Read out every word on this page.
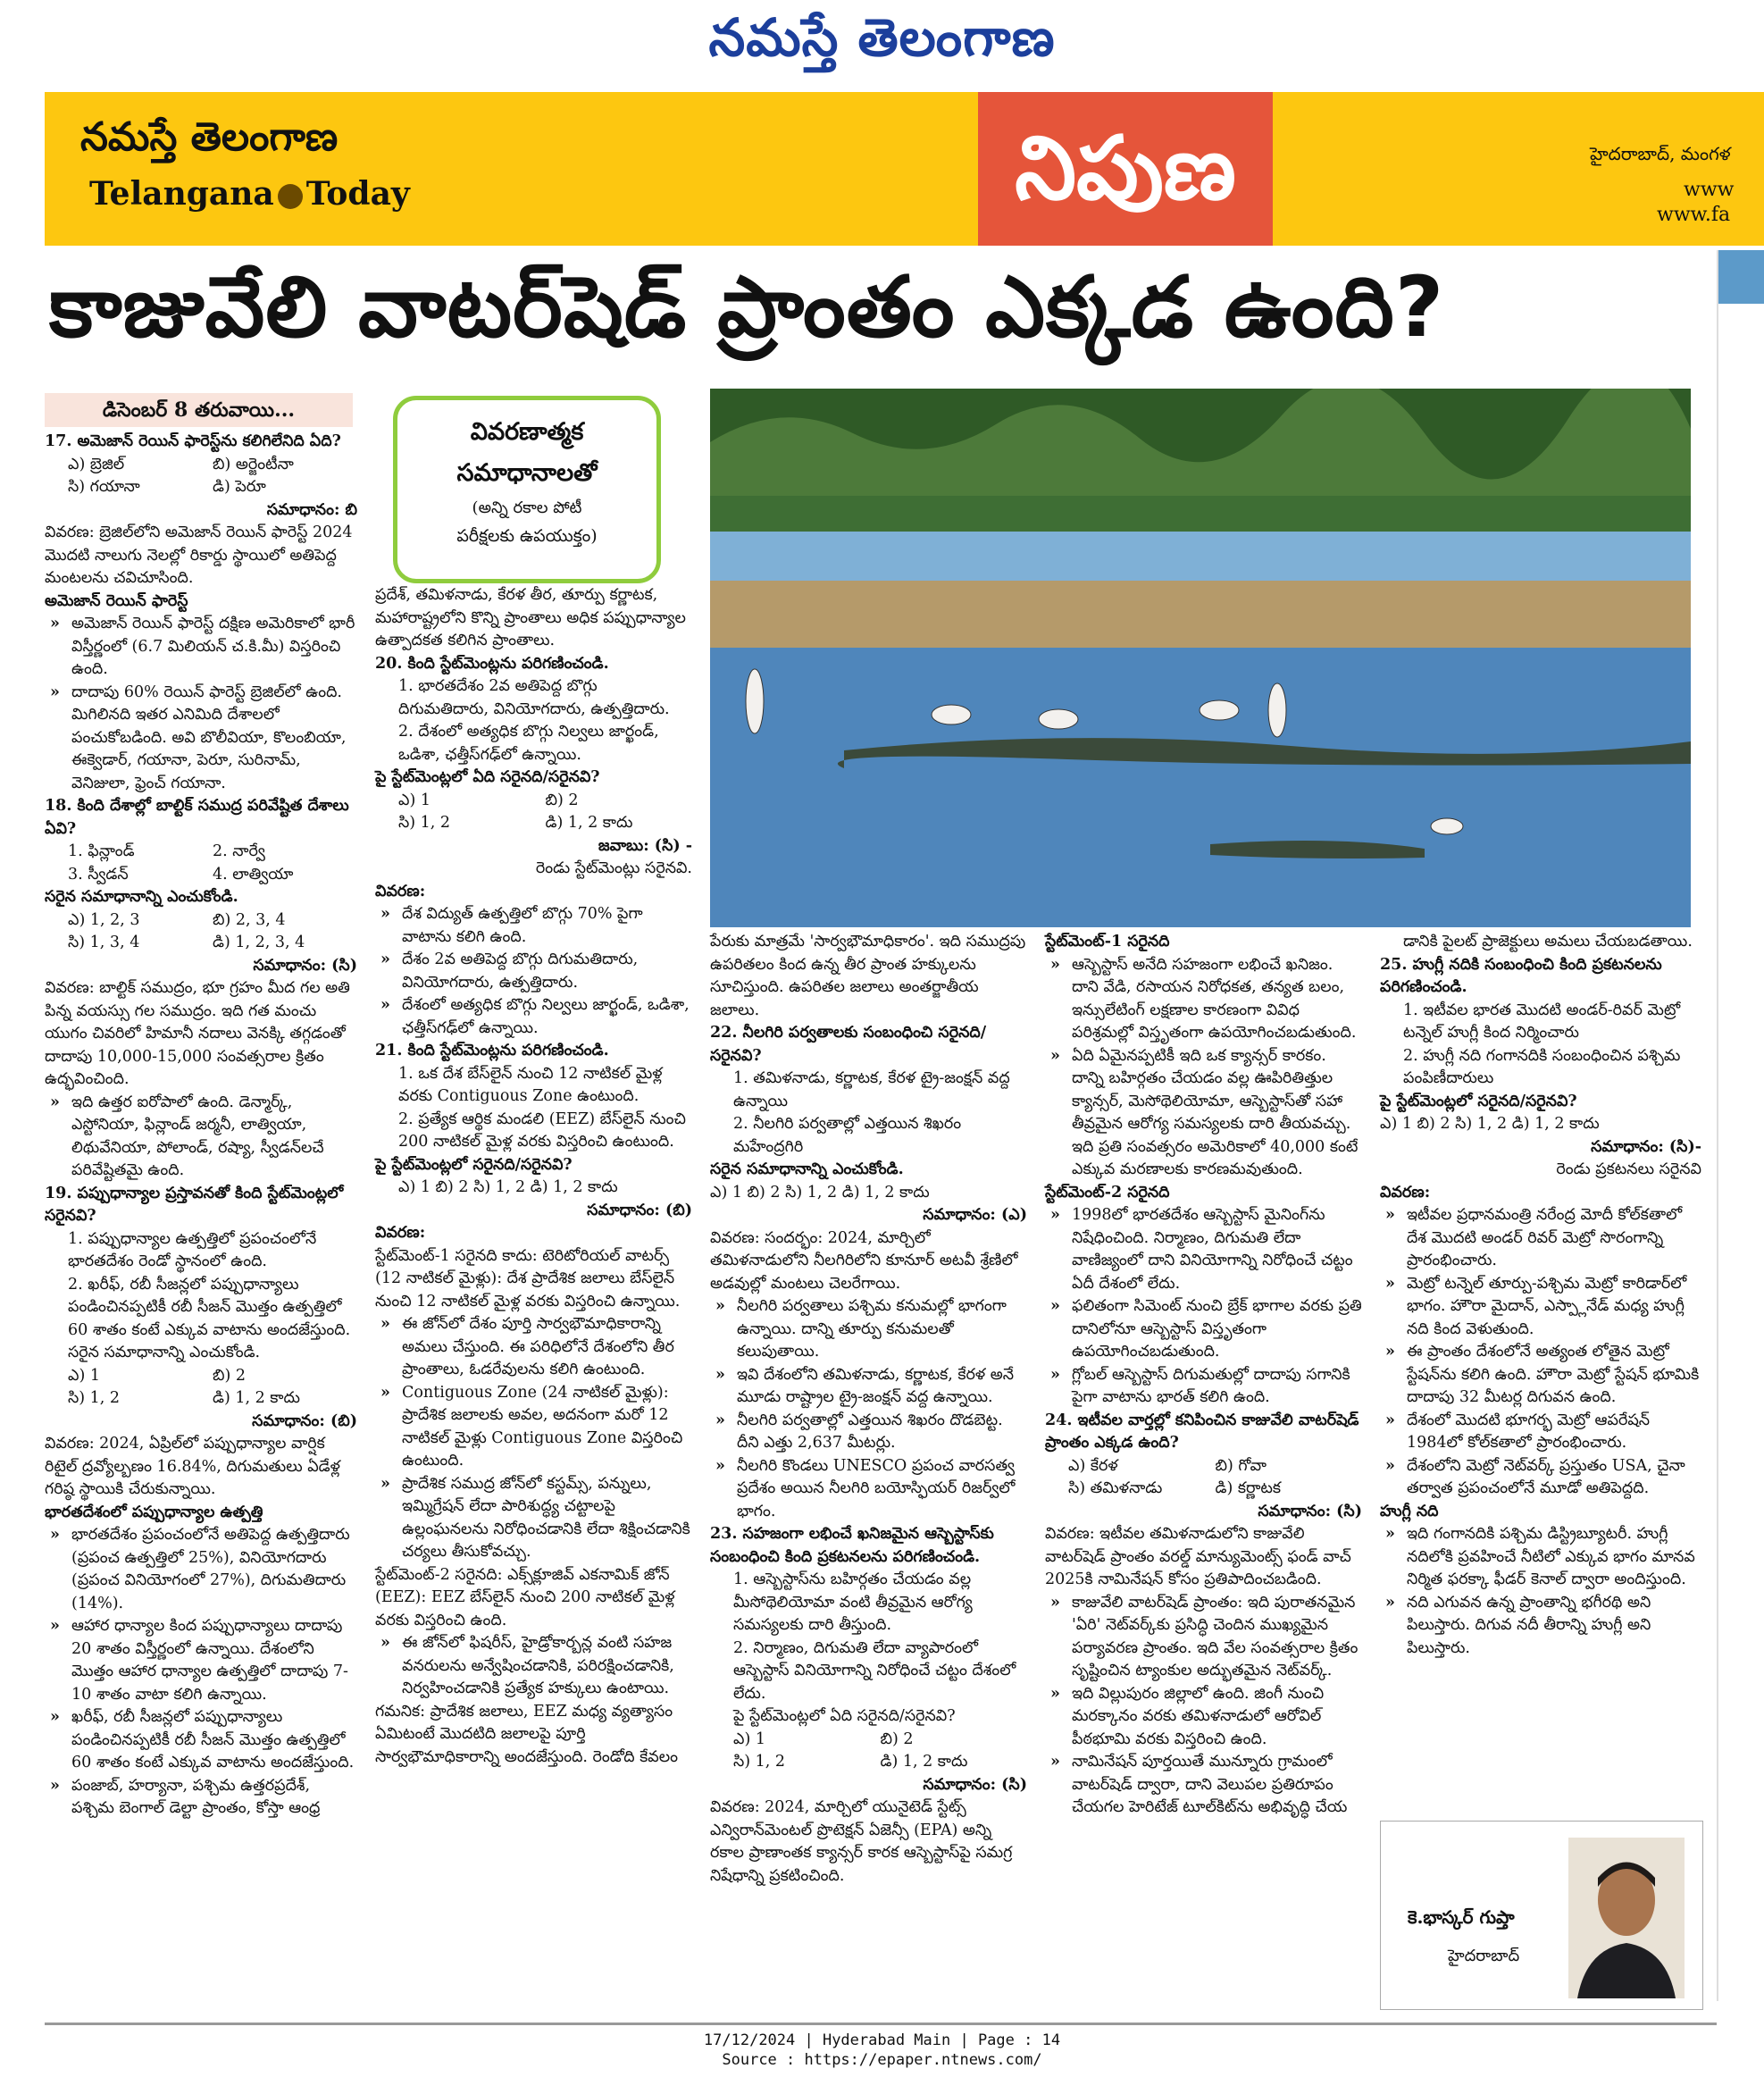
నమస్తే తెలంగాణ
నమస్తే తెలంగాణ
Telangana Today	నిపుణ	హైదరాబాద్, మంగళ
www
www.fa
కాజువేలి వాటర్‌షెడ్ ప్రాంతం ఎక్కడ ఉంది?
డిసెంబర్ 8 తరువాయి...
వివరణాత్మక
సమాధానాలతో
(అన్ని రకాల పోటీ
పరీక్షలకు ఉపయుక్తం)

17. అమెజాన్ రెయిన్ ఫారెస్ట్‌ను కలిగిలేనిది ఏది?

ఎ) బ్రెజిల్	బి) అర్జెంటీనా
సి) గయానా	డి) పెరూ

సమాధానం: బి

వివరణ: బ్రెజిల్‌లోని అమెజాన్ రెయిన్ ఫారెస్ట్ 2024 మొదటి నాలుగు నెలల్లో రికార్డు స్థాయిలో అతిపెద్ద మంటలను చవిచూసింది.

అమెజాన్ రెయిన్ ఫారెస్ట్

» అమెజాన్ రెయిన్ ఫారెస్ట్ దక్షిణ అమెరికాలో భారీ విస్తీర్ణంలో (6.7 మిలియన్ చ.కి.మీ) విస్తరించి ఉంది.

» దాదాపు 60% రెయిన్ ఫారెస్ట్ బ్రెజిల్‌లో ఉంది. మిగిలినది ఇతర ఎనిమిది దేశాలలో పంచుకోబడింది. అవి బొలీవియా, కొలంబియా, ఈక్వెడార్, గయానా, పెరూ, సురినామ్, వెనిజులా, ఫ్రెంచ్ గయానా.

18. కింది దేశాల్లో బాల్టిక్ సముద్ర పరివేష్టిత దేశాలు ఏవి?

1. ఫిన్లాండ్	2. నార్వే
3. స్వీడన్	4. లాత్వియా

సరైన సమాధానాన్ని ఎంచుకోండి.

ఎ) 1, 2, 3	బి) 2, 3, 4
సి) 1, 3, 4	డి) 1, 2, 3, 4

సమాధానం: (సి)

వివరణ: బాల్టిక్ సముద్రం, భూ గ్రహం మీద గల అతి పిన్న వయస్సు గల సముద్రం. ఇది గత మంచు యుగం చివరిలో హిమానీ నదాలు వెనక్కి తగ్గడంతో దాదాపు 10,000-15,000 సంవత్సరాల క్రితం ఉద్భవించింది.

» ఇది ఉత్తర ఐరోపాలో ఉంది. డెన్మార్క్, ఎస్టోనియా, ఫిన్లాండ్ జర్మనీ, లాత్వియా, లిథువేనియా, పోలాండ్, రష్యా, స్వీడన్‌లచే పరివేష్టితమై ఉంది.

19. పప్పుధాన్యాల ప్రస్తావనతో కింది స్టేట్‌మెంట్లలో సరైనవి?

1. పప్పుధాన్యాల ఉత్పత్తిలో ప్రపంచంలోనే భారతదేశం రెండో స్థానంలో ఉంది.

2. ఖరీఫ్, రబీ సీజన్లలో పప్పుధాన్యాలు పండించినప్పటికీ రబీ సీజన్ మొత్తం ఉత్పత్తిలో 60 శాతం కంటే ఎక్కువ వాటాను అందజేస్తుంది.

సరైన సమాధానాన్ని ఎంచుకోండి.

ఎ) 1	బి) 2
సి) 1, 2	డి) 1, 2 కాదు

సమాధానం: (బి)

వివరణ: 2024, ఏప్రిల్‌లో పప్పుధాన్యాల వార్షిక రిటైల్ ద్రవ్యోల్బణం 16.84%, దిగుమతులు ఏడేళ్ల గరిష్ఠ స్థాయికి చేరుకున్నాయి.

భారతదేశంలో పప్పుధాన్యాల ఉత్పత్తి

» భారతదేశం ప్రపంచంలోనే అతిపెద్ద ఉత్పత్తిదారు (ప్రపంచ ఉత్పత్తిలో 25%), వినియోగదారు (ప్రపంచ వినియోగంలో 27%), దిగుమతిదారు (14%).

» ఆహార ధాన్యాల కింద పప్పుధాన్యాలు దాదాపు 20 శాతం విస్తీర్ణంలో ఉన్నాయి. దేశంలోని మొత్తం ఆహార ధాన్యాల ఉత్పత్తిలో దాదాపు 7-10 శాతం వాటా కలిగి ఉన్నాయి.

» ఖరీఫ్, రబీ సీజన్లలో పప్పుధాన్యాలు పండించినప్పటికీ రబీ సీజన్ మొత్తం ఉత్పత్తిలో 60 శాతం కంటే ఎక్కువ వాటాను అందజేస్తుంది.

» పంజాబ్, హర్యానా, పశ్చిమ ఉత్తరప్రదేశ్, పశ్చిమ బెంగాల్ డెల్టా ప్రాంతం, కోస్తా ఆంధ్ర

ప్రదేశ్, తమిళనాడు, కేరళ తీర, తూర్పు కర్ణాటక, మహారాష్ట్రలోని కొన్ని ప్రాంతాలు అధిక పప్పుధాన్యాల ఉత్పాదకత కలిగిన ప్రాంతాలు.

20. కింది స్టేట్‌మెంట్లను పరిగణించండి.

1. భారతదేశం 2వ అతిపెద్ద బొగ్గు దిగుమతిదారు, వినియోగదారు, ఉత్పత్తిదారు.

2. దేశంలో అత్యధిక బొగ్గు నిల్వలు జార్ఖండ్, ఒడిశా, ఛత్తీస్‌గఢ్‌లో ఉన్నాయి.

పై స్టేట్‌మెంట్లలో ఏది సరైనది/సరైనవి?

ఎ) 1	బి) 2
సి) 1, 2	డి) 1, 2 కాదు

జవాబు: (సి) -

రెండు స్టేట్‌మెంట్లు సరైనవి.

వివరణ:

» దేశ విద్యుత్ ఉత్పత్తిలో బొగ్గు 70% పైగా వాటాను కలిగి ఉంది.

» దేశం 2వ అతిపెద్ద బొగ్గు దిగుమతిదారు, వినియోగదారు, ఉత్పత్తిదారు.

» దేశంలో అత్యధిక బొగ్గు నిల్వలు జార్ఖండ్, ఒడిశా, ఛత్తీస్‌గఢ్‌లో ఉన్నాయి.

21. కింది స్టేట్‌మెంట్లను పరిగణించండి.

1. ఒక దేశ బేస్‌లైన్ నుంచి 12 నాటికల్ మైళ్ల వరకు Contiguous Zone ఉంటుంది.

2. ప్రత్యేక ఆర్థిక మండలి (EEZ) బేస్‌లైన్ నుంచి 200 నాటికల్ మైళ్ల వరకు విస్తరించి ఉంటుంది.

పై స్టేట్‌మెంట్లలో సరైనది/సరైనవి?

ఎ) 1 బి) 2 సి) 1, 2 డి) 1, 2 కాదు

సమాధానం: (బి)

వివరణ:

స్టేట్‌మెంట్-1 సరైనది కాదు: టెరిటోరియల్ వాటర్స్ (12 నాటికల్ మైళ్లు): దేశ ప్రాదేశిక జలాలు బేస్‌లైన్ నుంచి 12 నాటికల్ మైళ్ల వరకు విస్తరించి ఉన్నాయి.

» ఈ జోన్‌లో దేశం పూర్తి సార్వభౌమాధికారాన్ని అమలు చేస్తుంది. ఈ పరిధిలోనే దేశంలోని తీర ప్రాంతాలు, ఓడరేవులను కలిగి ఉంటుంది.

» Contiguous Zone (24 నాటికల్ మైళ్లు): ప్రాదేశిక జలాలకు అవల, అదనంగా మరో 12 నాటికల్ మైళ్లు Contiguous Zone విస్తరించి ఉంటుంది.

» ప్రాదేశిక సముద్ర జోన్‌లో కస్టమ్స్, పన్నులు, ఇమ్మిగ్రేషన్ లేదా పారిశుద్ధ్య చట్టాలపై ఉల్లంఘనలను నిరోధించడానికి లేదా శిక్షించడానికి చర్యలు తీసుకోవచ్చు.

స్టేట్‌మెంట్-2 సరైనది: ఎక్స్‌క్లూజివ్ ఎకనామిక్ జోన్ (EEZ): EEZ బేస్‌లైన్ నుంచి 200 నాటికల్ మైళ్ల వరకు విస్తరించి ఉంది.

» ఈ జోన్‌లో ఫిషరీస్, హైడ్రోకార్బన్ల వంటి సహజ వనరులను అన్వేషించడానికి, పరిరక్షించడానికి, నిర్వహించడానికి ప్రత్యేక హక్కులు ఉంటాయి.

గమనిక: ప్రాదేశిక జలాలు, EEZ మధ్య వ్యత్యాసం ఏమిటంటే మొదటిది జలాలపై పూర్తి సార్వభౌమాధికారాన్ని అందజేస్తుంది. రెండోది కేవలం

పేరుకు మాత్రమే 'సార్వభౌమాధికారం'. ఇది సముద్రపు ఉపరితలం కింద ఉన్న తీర ప్రాంత హక్కులను సూచిస్తుంది. ఉపరితల జలాలు అంతర్జాతీయ జలాలు.

22. నీలగిరి పర్వతాలకు సంబంధించి సరైనది/సరైనవి?

1. తమిళనాడు, కర్ణాటక, కేరళ ట్రై-జంక్షన్ వద్ద ఉన్నాయి

2. నీలగిరి పర్వతాల్లో ఎత్తయిన శిఖరం మహేంద్రగిరి

సరైన సమాధానాన్ని ఎంచుకోండి.

ఎ) 1 బి) 2 సి) 1, 2 డి) 1, 2 కాదు

సమాధానం: (ఎ)

వివరణ: సందర్భం: 2024, మార్చిలో తమిళనాడులోని నీలగిరిలోని కూనూర్ అటవీ శ్రేణిలో అడవుల్లో మంటలు చెలరేగాయి.

» నీలగిరి పర్వతాలు పశ్చిమ కనుమల్లో భాగంగా ఉన్నాయి. దాన్ని తూర్పు కనుమలతో కలుపుతాయి.

» ఇవి దేశంలోని తమిళనాడు, కర్ణాటక, కేరళ అనే మూడు రాష్ట్రాల ట్రై-జంక్షన్ వద్ద ఉన్నాయి.

» నీలగిరి పర్వతాల్లో ఎత్తయిన శిఖరం దొడబెట్ట. దీని ఎత్తు 2,637 మీటర్లు.

» నీలగిరి కొండలు UNESCO ప్రపంచ వారసత్వ ప్రదేశం అయిన నీలగిరి బయోస్ఫియర్ రిజర్వ్‌లో భాగం.

23. సహజంగా లభించే ఖనిజమైన ఆస్బెస్టాస్‌కు సంబంధించి కింది ప్రకటనలను పరిగణించండి.

1. ఆస్బెస్టాస్‌ను బహిర్గతం చేయడం వల్ల మీసోథెలియోమా వంటి తీవ్రమైన ఆరోగ్య సమస్యలకు దారి తీస్తుంది.

2. నిర్మాణం, దిగుమతి లేదా వ్యాపారంలో ఆస్బెస్టాస్ వినియోగాన్ని నిరోధించే చట్టం దేశంలో లేదు.

పై స్టేట్‌మెంట్లలో ఏది సరైనది/సరైనవి?

ఎ) 1	బి) 2
సి) 1, 2	డి) 1, 2 కాదు

సమాధానం: (సి)

వివరణ: 2024, మార్చిలో యునైటెడ్ స్టేట్స్ ఎన్విరాన్‌మెంటల్ ప్రొటెక్షన్ ఏజెన్సీ (EPA) అన్ని రకాల ప్రాణాంతక క్యాన్సర్ కారక ఆస్బెస్టాస్‌పై సమగ్ర నిషేధాన్ని ప్రకటించింది.

స్టేట్‌మెంట్-1 సరైనది

» ఆస్బెస్టాస్ అనేది సహజంగా లభించే ఖనిజం. దాని వేడి, రసాయన నిరోధకత, తన్యత బలం, ఇన్సులేటింగ్ లక్షణాల కారణంగా వివిధ పరిశ్రమల్లో విస్తృతంగా ఉపయోగించబడుతుంది.

» ఏది ఏమైనప్పటికీ ఇది ఒక క్యాన్సర్ కారకం. దాన్ని బహిర్గతం చేయడం వల్ల ఊపిరితిత్తుల క్యాన్సర్, మెసోథెలియోమా, ఆస్బెస్టాస్‌తో సహా తీవ్రమైన ఆరోగ్య సమస్యలకు దారి తీయవచ్చు. ఇది ప్రతి సంవత్సరం అమెరికాలో 40,000 కంటే ఎక్కువ మరణాలకు కారణమవుతుంది.

స్టేట్‌మెంట్-2 సరైనది

» 1998లో భారతదేశం ఆస్బెస్టాస్ మైనింగ్‌ను నిషేధించింది. నిర్మాణం, దిగుమతి లేదా వాణిజ్యంలో దాని వినియోగాన్ని నిరోధించే చట్టం ఏదీ దేశంలో లేదు.

» ఫలితంగా సిమెంట్ నుంచి బ్రేక్ భాగాల వరకు ప్రతి దానిలోనూ ఆస్బెస్టాస్ విస్తృతంగా ఉపయోగించబడుతుంది.

» గ్లోబల్ ఆస్బెస్టాస్ దిగుమతుల్లో దాదాపు సగానికి పైగా వాటాను భారత్ కలిగి ఉంది.

24. ఇటీవల వార్తల్లో కనిపించిన కాజువేలి వాటర్‌షెడ్ ప్రాంతం ఎక్కడ ఉంది?

ఎ) కేరళ	బి) గోవా
సి) తమిళనాడు	డి) కర్ణాటక

సమాధానం: (సి)

వివరణ: ఇటీవల తమిళనాడులోని కాజువేలి వాటర్‌షెడ్ ప్రాంతం వరల్డ్ మాన్యుమెంట్స్ ఫండ్ వాచ్ 2025కి నామినేషన్ కోసం ప్రతిపాదించబడింది.

» కాజువేలి వాటర్‌షెడ్ ప్రాంతం: ఇది పురాతనమైన 'ఏరి' నెట్‌వర్క్‌కు ప్రసిద్ధి చెందిన ముఖ్యమైన పర్యావరణ ప్రాంతం. ఇది వేల సంవత్సరాల క్రితం సృష్టించిన ట్యాంకుల అద్భుతమైన నెట్‌వర్క్.

» ఇది విల్లుపురం జిల్లాలో ఉంది. జింగీ నుంచి మరక్కానం వరకు తమిళనాడులో ఆరోవిల్ పీఠభూమి వరకు విస్తరించి ఉంది.

» నామినేషన్ పూర్తయితే మున్నూరు గ్రామంలో వాటర్‌షెడ్ ద్వారా, దాని వెలుపల ప్రతిరూపం చేయగల హెరిటేజ్ టూల్‌కిట్‌ను అభివృద్ధి చేయ

డానికి పైలట్ ప్రాజెక్టులు అమలు చేయబడతాయి.

25. హుగ్లీ నదికి సంబంధించి కింది ప్రకటనలను పరిగణించండి.

1. ఇటీవల భారత మొదటి అండర్-రివర్ మెట్రో టన్నెల్ హుగ్లీ కింద నిర్మించారు

2. హుగ్లీ నది గంగానదికి సంబంధించిన పశ్చిమ పంపిణీదారులు

పై స్టేట్‌మెంట్లలో సరైనది/సరైనవి?

ఎ) 1 బి) 2 సి) 1, 2 డి) 1, 2 కాదు

సమాధానం: (సి)-

రెండు ప్రకటనలు సరైనవి

వివరణ:

» ఇటీవల ప్రధానమంత్రి నరేంద్ర మోదీ కోల్‌కతాలో దేశ మొదటి అండర్ రివర్ మెట్రో సొరంగాన్ని ప్రారంభించారు.

» మెట్రో టన్నెల్ తూర్పు-పశ్చిమ మెట్రో కారిడార్‌లో భాగం. హౌరా మైదాన్, ఎస్ప్లానేడ్ మధ్య హుగ్లీ నది కింద వెళుతుంది.

» ఈ ప్రాంతం దేశంలోనే అత్యంత లోతైన మెట్రో స్టేషన్‌ను కలిగి ఉంది. హౌరా మెట్రో స్టేషన్ భూమికి దాదాపు 32 మీటర్ల దిగువన ఉంది.

» దేశంలో మొదటి భూగర్భ మెట్రో ఆపరేషన్ 1984లో కోల్‌కతాలో ప్రారంభించారు.

» దేశంలోని మెట్రో నెట్‌వర్క్ ప్రస్తుతం USA, చైనా తర్వాత ప్రపంచంలోనే మూడో అతిపెద్దది.

హుగ్లీ నది

» ఇది గంగానదికి పశ్చిమ డిస్ట్రిబ్యూటరీ. హుగ్లీ నదిలోకి ప్రవహించే నీటిలో ఎక్కువ భాగం మానవ నిర్మిత ఫరక్కా ఫీడర్ కెనాల్ ద్వారా అందిస్తుంది.

» నది ఎగువన ఉన్న ప్రాంతాన్ని భగీరథి అని పిలుస్తారు. దిగువ నదీ తీరాన్ని హుగ్లీ అని పిలుస్తారు.

కె.భాస్కర్ గుప్తా
హైదరాబాద్
17/12/2024 | Hyderabad Main | Page : 14
Source : https://epaper.ntnews.com/
